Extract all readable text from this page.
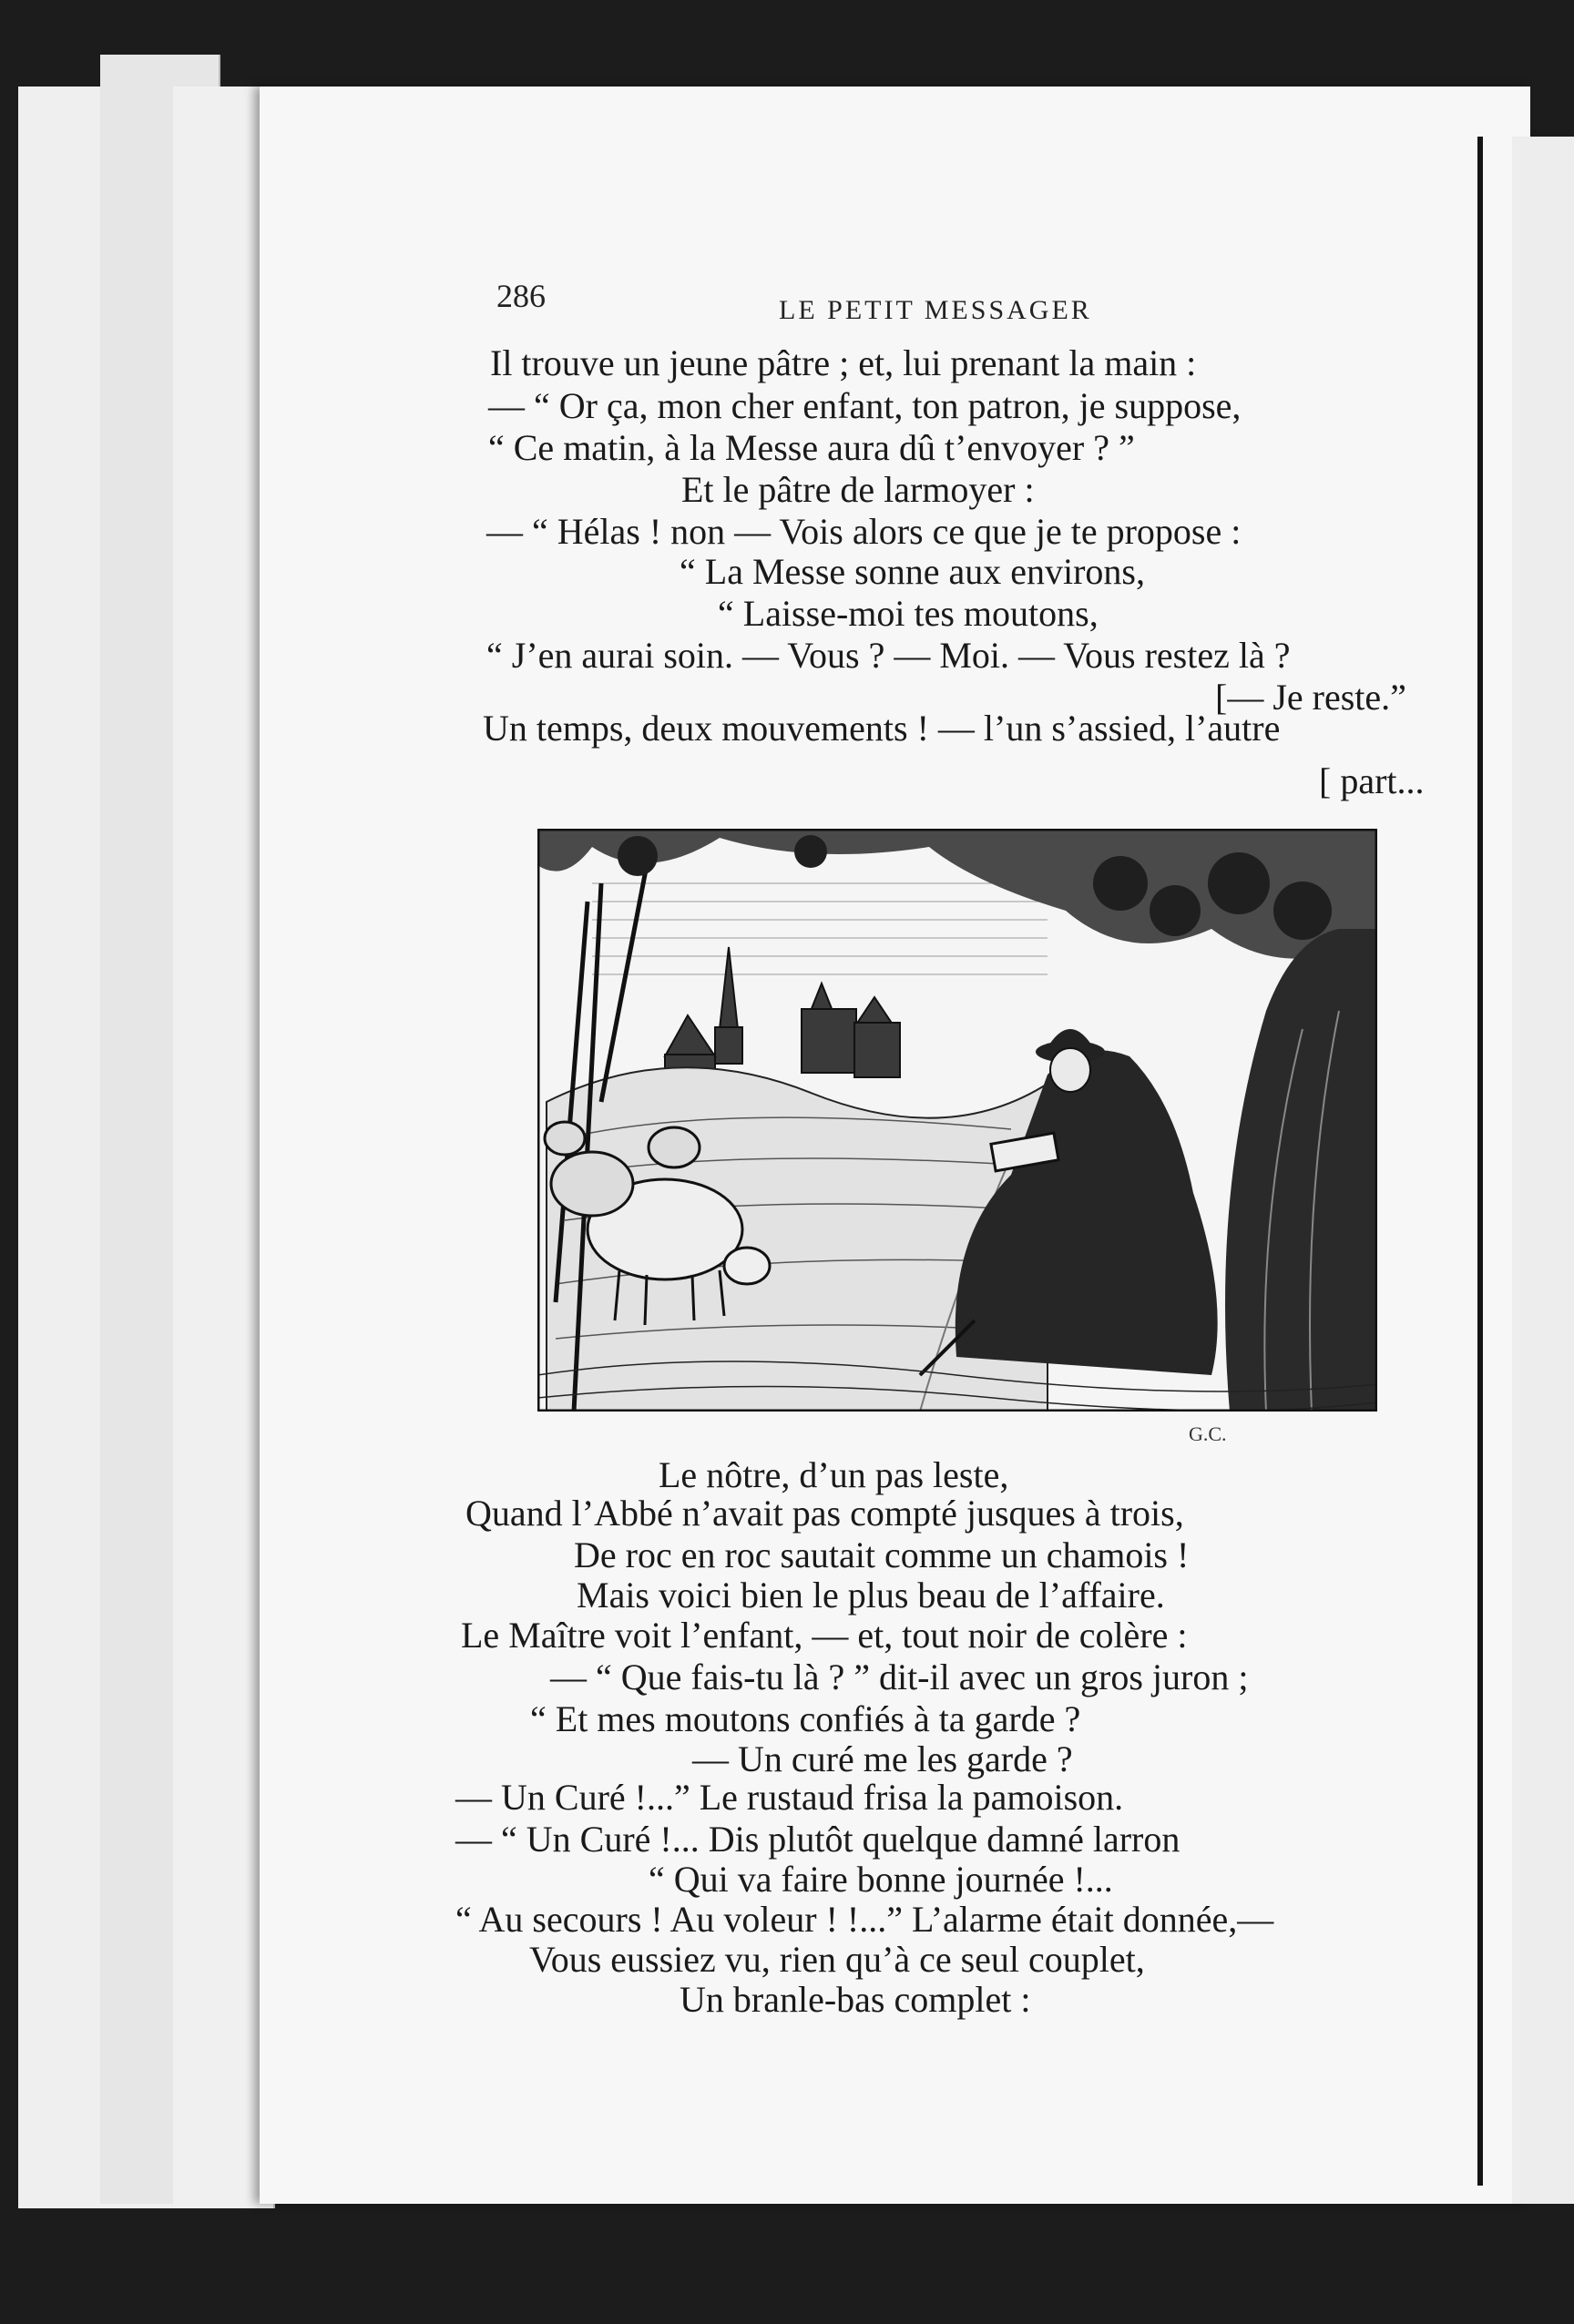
286	LE PETIT MESSAGER
Il trouve un jeune pâtre ; et, lui prenant la main :
— “ Or ça, mon cher enfant, ton patron, je suppose,
“ Ce matin, à la Messe aura dû t’envoyer ? ”
Et le pâtre de larmoyer :
— “ Hélas ! non — Vois alors ce que je te propose :
“ La Messe sonne aux environs,
“ Laisse-moi tes moutons,
“ J’en aurai soin. — Vous ? — Moi. — Vous restez là ?
[— Je reste.”
Un temps, deux mouvements ! — l’un s’assied, l’autre
[ part...
G.C.
Le nôtre, d’un pas leste,
Quand l’Abbé n’avait pas compté jusques à trois,
De roc en roc sautait comme un chamois !
Mais voici bien le plus beau de l’affaire.
Le Maître voit l’enfant, — et, tout noir de colère :
— “ Que fais-tu là ? ” dit-il avec un gros juron ;
“ Et mes moutons confiés à ta garde ?
— Un curé me les garde ?
— Un Curé !...” Le rustaud frisa la pamoison.
— “ Un Curé !... Dis plutôt quelque damné larron
“ Qui va faire bonne journée !...
“ Au secours ! Au voleur ! !...” L’alarme était donnée,—
Vous eussiez vu, rien qu’à ce seul couplet,
Un branle-bas complet :
